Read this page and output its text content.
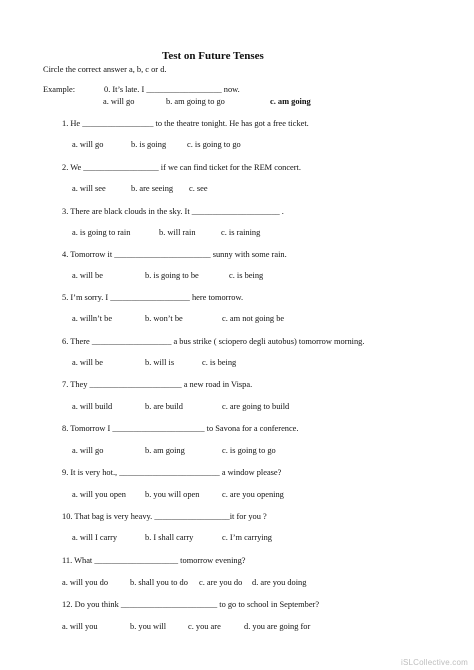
Test on Future Tenses
Circle the correct answer a, b, c or d.
Example:	0. It’s late. I __________________ now.
a. will go	b. am going to go	c. am going
1. He _________________ to the theatre tonight. He has got a free ticket.
a. will go	b. is going c. is going to go
2. We __________________ if we can find ticket for the REM concert.
a. will see	b. are seeing c. see
3. There are black clouds in the sky. It _____________________ .
a. is going to rain	b. will rain	c. is raining
4. Tomorrow it _______________________ sunny with some rain.
a. will be	b. is going to be	c. is being
5. I’m sorry. I ___________________ here tomorrow.
a. willn’t be	b. won’t be	c. am not going be
6. There ___________________ a bus strike ( sciopero degli autobus) tomorrow morning.
a. will be	b. will is	c. is being
7. They ______________________ a new road in Vispa.
a. will build	b. are build	c. are going to build
8. Tomorrow I ______________________ to Savona for a conference.
a. will go	b. am going	c. is going to go
9. It is very hot., ________________________ a window please?
a. will you open b. you will open	c. are you opening
10. That bag is very heavy. __________________it for you ?
a. will I carry	b. I shall carry	c. I’m carrying
11. What ____________________ tomorrow evening?
a. will you do	b. shall you to do c. are you do d. are you doing
12. Do you think _______________________ to go to school in September?
a. will you	b. you will	c. you are	d. you are going for
iSLCollective.com
